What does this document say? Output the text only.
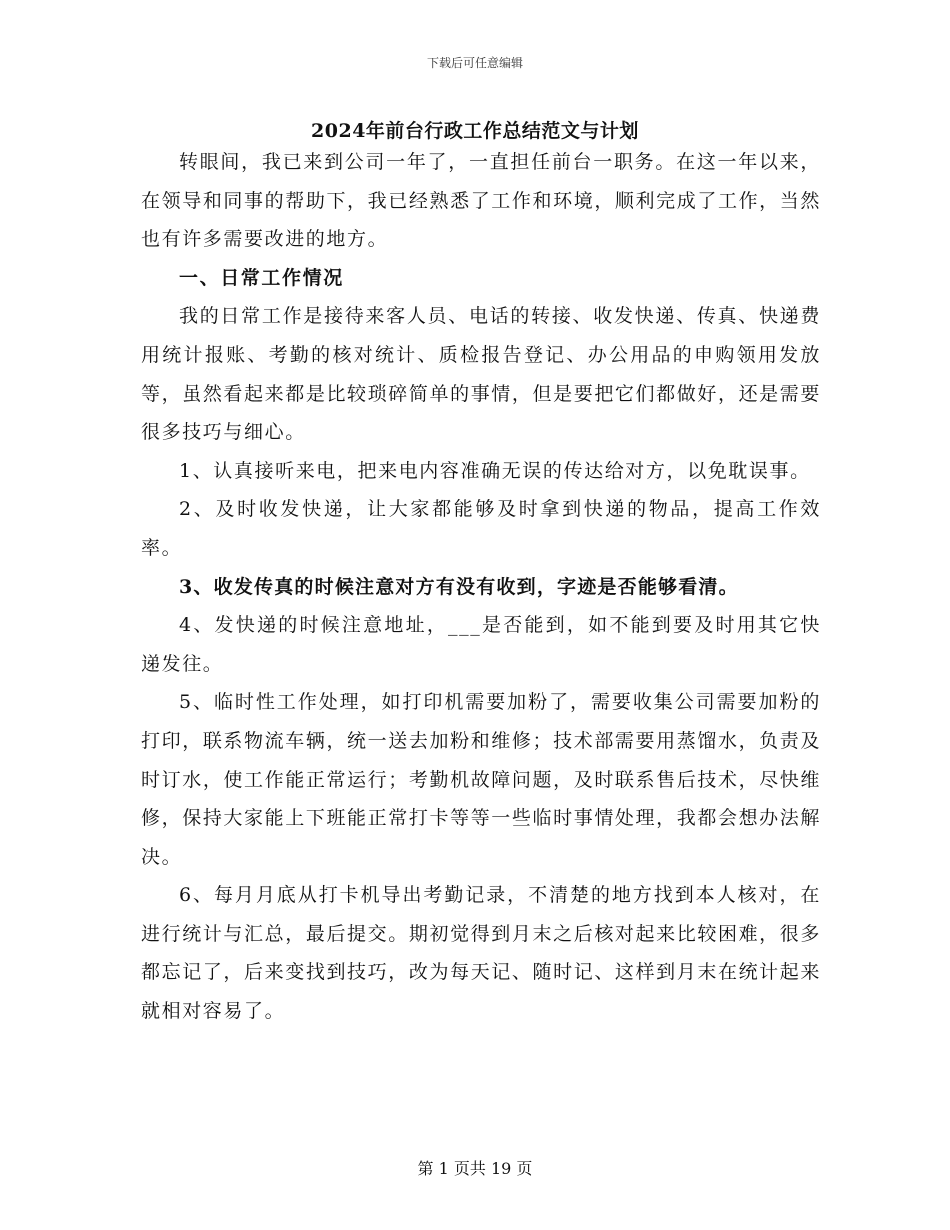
下载后可任意编辑
2024年前台行政工作总结范文与计划

转眼间，我已来到公司一年了，一直担任前台一职务。在这一年以来，在领导和同事的帮助下，我已经熟悉了工作和环境，顺利完成了工作，当然也有许多需要改进的地方。

一、日常工作情况

我的日常工作是接待来客人员、电话的转接、收发快递、传真、快递费用统计报账、考勤的核对统计、质检报告登记、办公用品的申购领用发放等，虽然看起来都是比较琐碎简单的事情，但是要把它们都做好，还是需要很多技巧与细心。

1、认真接听来电，把来电内容准确无误的传达给对方，以免耽误事。

2、及时收发快递，让大家都能够及时拿到快递的物品，提高工作效率。

3、收发传真的时候注意对方有没有收到，字迹是否能够看清。

4、发快递的时候注意地址，___是否能到，如不能到要及时用其它快递发往。

5、临时性工作处理，如打印机需要加粉了，需要收集公司需要加粉的打印，联系物流车辆，统一送去加粉和维修；技术部需要用蒸馏水，负责及时订水，使工作能正常运行；考勤机故障问题，及时联系售后技术，尽快维修，保持大家能上下班能正常打卡等等一些临时事情处理，我都会想办法解决。

6、每月月底从打卡机导出考勤记录，不清楚的地方找到本人核对，在进行统计与汇总，最后提交。期初觉得到月末之后核对起来比较困难，很多都忘记了，后来变找到技巧，改为每天记、随时记、这样到月末在统计起来就相对容易了。

第 1 页共 19 页
